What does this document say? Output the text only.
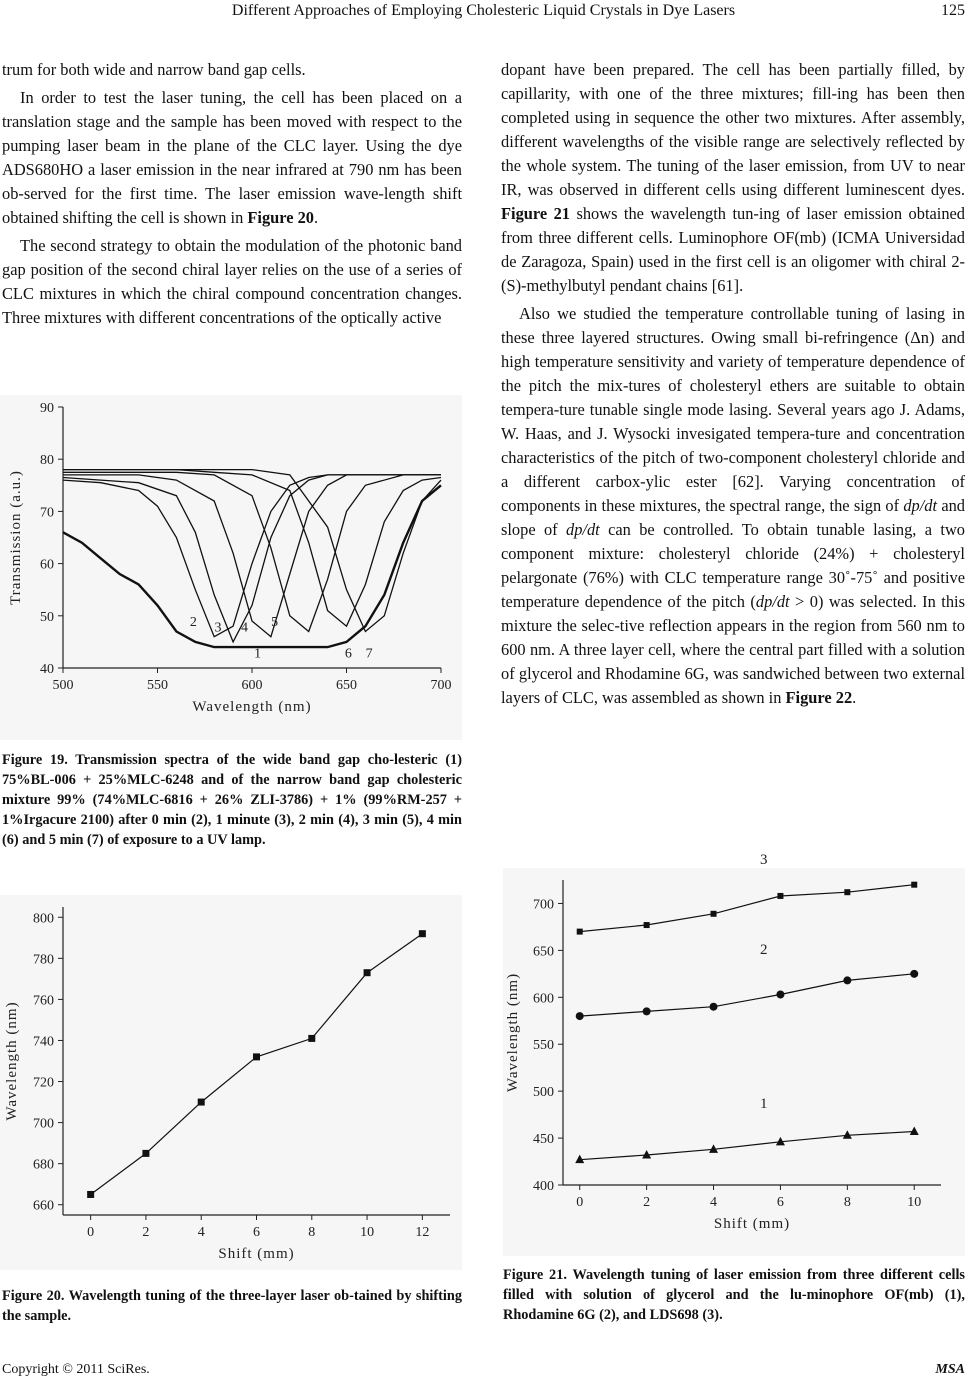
Different Approaches of Employing Cholesteric Liquid Crystals in Dye Lasers	125

trum for both wide and narrow band gap cells.

In order to test the laser tuning, the cell has been placed on a translation stage and the sample has been moved with respect to the pumping laser beam in the plane of the CLC layer. Using the dye ADS680HO a laser emission in the near infrared at 790 nm has been ob-served for the first time. The laser emission wave-length shift obtained shifting the cell is shown in Figure 20.

The second strategy to obtain the modulation of the photonic band gap position of the second chiral layer relies on the use of a series of CLC mixtures in which the chiral compound concentration changes. Three mixtures with different concentrations of the optically active

dopant have been prepared. The cell has been partially filled, by capillarity, with one of the three mixtures; fill-ing has been then completed using in sequence the other two mixtures. After assembly, different wavelengths of the visible range are selectively reflected by the whole system. The tuning of the laser emission, from UV to near IR, was observed in different cells using different luminescent dyes. Figure 21 shows the wavelength tun-ing of laser emission obtained from three different cells. Luminophore OF(mb) (ICMA Universidad de Zaragoza, Spain) used in the first cell is an oligomer with chiral 2-(S)-methylbutyl pendant chains [61].

Also we studied the temperature controllable tuning of lasing in these three layered structures. Owing small bi-refringence (Δn) and high temperature sensitivity and variety of temperature dependence of the pitch the mix-tures of cholesteryl ethers are suitable to obtain tempera-ture tunable single mode lasing. Several years ago J. Adams, W. Haas, and J. Wysocki invesigated tempera-ture and concentration characteristics of the pitch of two-component cholesteryl chloride and a different carbox-ylic ester [62]. Varying concentration of components in these mixtures, the spectral range, the sign of dp/dt and slope of dp/dt can be controlled. To obtain tunable lasing, a two component mixture: cholesteryl chloride (24%) + cholesteryl pelargonate (76%) with CLC temperature range 30˚-75˚ and positive temperature dependence of the pitch (dp/dt > 0) was selected. In this mixture the selec-tive reflection appears in the region from 560 nm to 600 nm. A three layer cell, where the central part filled with a solution of glycerol and Rhodamine 6G, was sandwiched between two external layers of CLC, was assembled as shown in Figure 22.

500	550	600	650	700
40
50
60
70
80
90
Wavelength (nm)
Transmission (a.u.)
2 3 4 5
1	6 7
Figure 19. Transmission spectra of the wide band gap cho-lesteric (1) 75%BL-006 + 25%MLC-6248 and of the narrow band gap cholesteric mixture 99% (74%MLC-6816 + 26% ZLI-3786) + 1% (99%RM-257 + 1%Irgacure 2100) after 0 min (2), 1 minute (3), 2 min (4), 3 min (5), 4 min (6) and 5 min (7) of exposure to a UV lamp.
0	2	4	6	8	10	12
660
680
700
720
740
760
780
800
Shift (mm)
Wavelength (nm)
Figure 20. Wavelength tuning of the three-layer laser ob-tained by shifting the sample.
0	2	4	6	8	10
400
450
500
550
600
650
700
Shift (mm)
Wavelength (nm)
3
2
1
Figure 21. Wavelength tuning of laser emission from three different cells filled with solution of glycerol and the lu-minophore OF(mb) (1), Rhodamine 6G (2), and LDS698 (3).
Copyright © 2011 SciRes.	MSA
